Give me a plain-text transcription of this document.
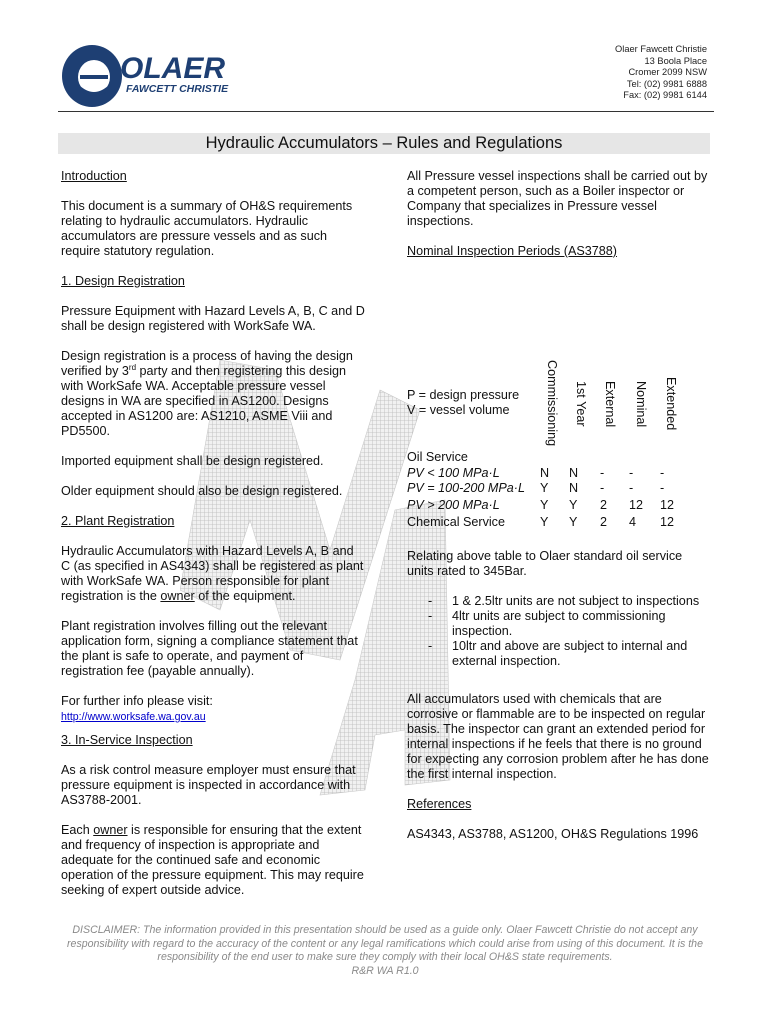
OLAER
FAWCETT CHRISTIE
Olaer Fawcett Christie
13 Boola Place
Cromer 2099 NSW
Tel: (02) 9981 6888
Fax: (02) 9981 6144
Hydraulic Accumulators – Rules and Regulations

Introduction

This document is a summary of OH&S requirements relating to hydraulic accumulators. Hydraulic accumulators are pressure vessels and as such require statutory regulation.

1. Design Registration

Pressure Equipment with Hazard Levels A, B, C and D shall be design registered with WorkSafe WA.

Design registration is a process of having the design verified by 3rd party and then registering this design with WorkSafe WA. Acceptable pressure vessel designs in WA are specified in AS1200. Designs accepted in AS1200 are: AS1210, ASME Viii and PD5500.

Imported equipment shall be design registered.

Older equipment should also be design registered.

2. Plant Registration

Hydraulic Accumulators with Hazard Levels A, B and C (as specified in AS4343) shall be registered as plant with WorkSafe WA. Person responsible for plant registration is the owner of the equipment.

Plant registration involves filling out the relevant application form, signing a compliance statement that the plant is safe to operate, and payment of registration fee (payable annually).

For further info please visit:

http://www.worksafe.wa.gov.au

3. In-Service Inspection

As a risk control measure employer must ensure that pressure equipment is inspected in accordance with AS3788-2001.

Each owner is responsible for ensuring that the extent and frequency of inspection is appropriate and adequate for the continued safe and economic operation of the pressure equipment. This may require seeking of expert outside advice.

All Pressure vessel inspections shall be carried out by a competent person, such as a Boiler inspector or Company that specializes in Pressure vessel inspections.

Nominal Inspection Periods (AS3788)

Commissioning 1st Year External Nominal Extended
P = design pressure
V = vessel volume
Oil Service
PV < 100 MPa·L	N N - - -
PV = 100-200 MPa·L Y N - - -
PV > 200 MPa·L	Y Y 2 12 12
Chemical Service	Y Y 2 4 12

Relating above table to Olaer standard oil service units rated to 345Bar.

- 1 & 2.5ltr units are not subject to inspections
- 4ltr units are subject to commissioning inspection.
- 10ltr and above are subject to internal and external inspection.

All accumulators used with chemicals that are corrosive or flammable are to be inspected on regular basis. The inspector can grant an extended period for internal inspections if he feels that there is no ground for expecting any corrosion problem after he has done the first internal inspection.

References

AS4343, AS3788, AS1200, OH&S Regulations 1996

DISCLAIMER: The information provided in this presentation should be used as a guide only. Olaer Fawcett Christie do not accept any responsibility with regard to the accuracy of the content or any legal ramifications which could arise from using of this document. It is the responsibility of the end user to make sure they comply with their local OH&S state requirements.
R&R WA R1.0
